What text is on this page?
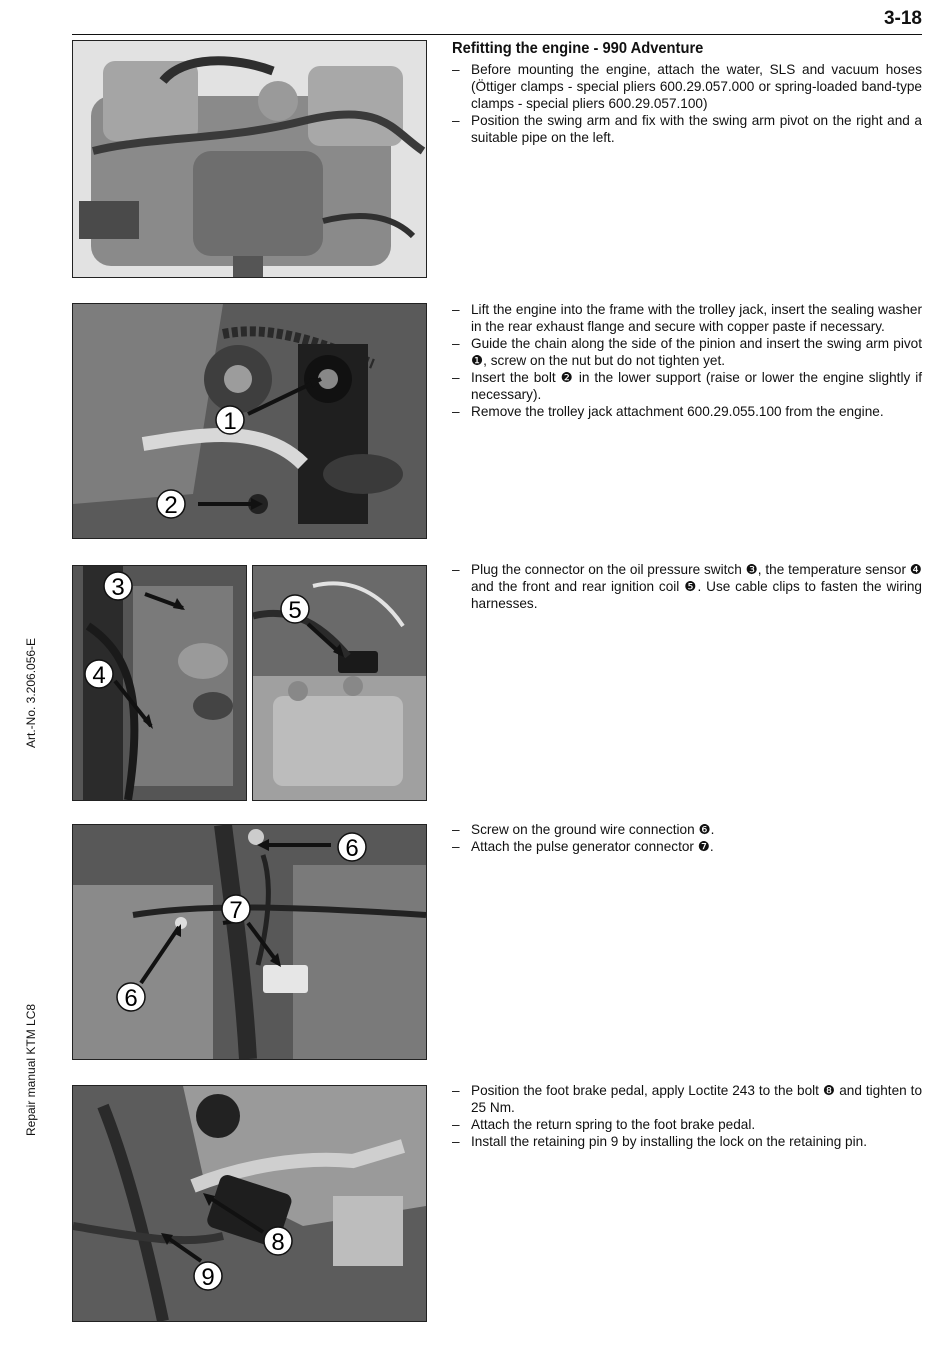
3-18
Art.-No. 3.206.056-E
Repair manual KTM LC8
Refitting the engine - 990 Adventure
1
2
3
4
5
6
7
6
8
9
– Before mounting the engine, attach the water, SLS and vacuum hoses (Öttiger clamps - special pliers 600.29.057.000 or spring-loaded band-type clamps - special pliers 600.29.057.100)
– Position the swing arm and fix with the swing arm pivot on the right and a suitable pipe on the left.
– Lift the engine into the frame with the trolley jack, insert the sealing washer in the rear exhaust flange and secure with copper paste if necessary.
– Guide the chain along the side of the pinion and insert the swing arm pivot ❶, screw on the nut but do not tighten yet.
– Insert the bolt ❷ in the lower support (raise or lower the engine slightly if necessary).
– Remove the trolley jack attachment 600.29.055.100 from the engine.
– Plug the connector on the oil pressure switch ❸, the temperature sensor ❹ and the front and rear ignition coil ❺. Use cable clips to fasten the wiring harnesses.
– Screw on the ground wire connection ❻.
– Attach the pulse generator connector ❼.
– Position the foot brake pedal, apply Loctite 243 to the bolt ❽ and tighten to 25 Nm.
– Attach the return spring to the foot brake pedal.
– Install the retaining pin 9 by installing the lock on the retaining pin.
